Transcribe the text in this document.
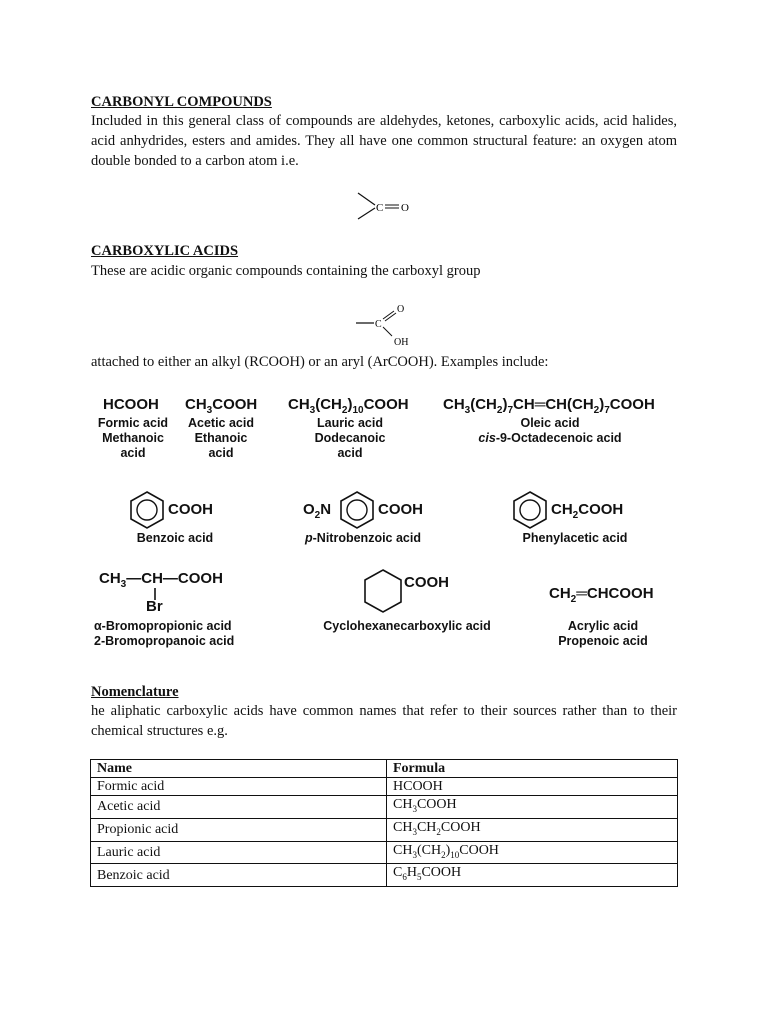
CARBONYL COMPOUNDS
Included in this general class of compounds are aldehydes, ketones, carboxylic acids, acid halides, acid anhydrides, esters and amides. They all have one common structural feature: an oxygen atom double bonded to a carbon atom i.e.
C O
CARBOXYLIC ACIDS
These are acidic organic compounds containing the carboxyl group
C
O
OH
attached to either an alkyl (RCOOH) or an aryl (ArCOOH). Examples include:
HCOOH
Formic acid
Methanoic
acid
$CH_3COOH$
Acetic acid
Ethanoic
acid
$CH_3(CH_2)_{10}COOH$
Lauric acid
Dodecanoic
acid
$CH_3(CH_2)_7CH═CH(CH_2)_7COOH$
Oleic acid
cis-9-Octadecenoic acid
COOH
Benzoic acid
$O_2N$	COOH
p-Nitrobenzoic acid
$CH_2COOH$
Phenylacetic acid
$CH_3—CH—COOH$
Br
α-Bromopropionic acid
2-Bromopropanoic acid
COOH
Cyclohexanecarboxylic acid
$CH_2═CHCOOH$
Acrylic acid
Propenoic acid
Nomenclature
he aliphatic carboxylic acids have common names that refer to their sources rather than to their chemical structures e.g.
Name	Formula
Formic acid	HCOOH
Acetic acid	$CH_3COOH$
Propionic acid	$CH_3CH_2COOH$
Lauric acid	$CH_3(CH_2)_{10}COOH$
Benzoic acid	$C_6H_5COOH$
